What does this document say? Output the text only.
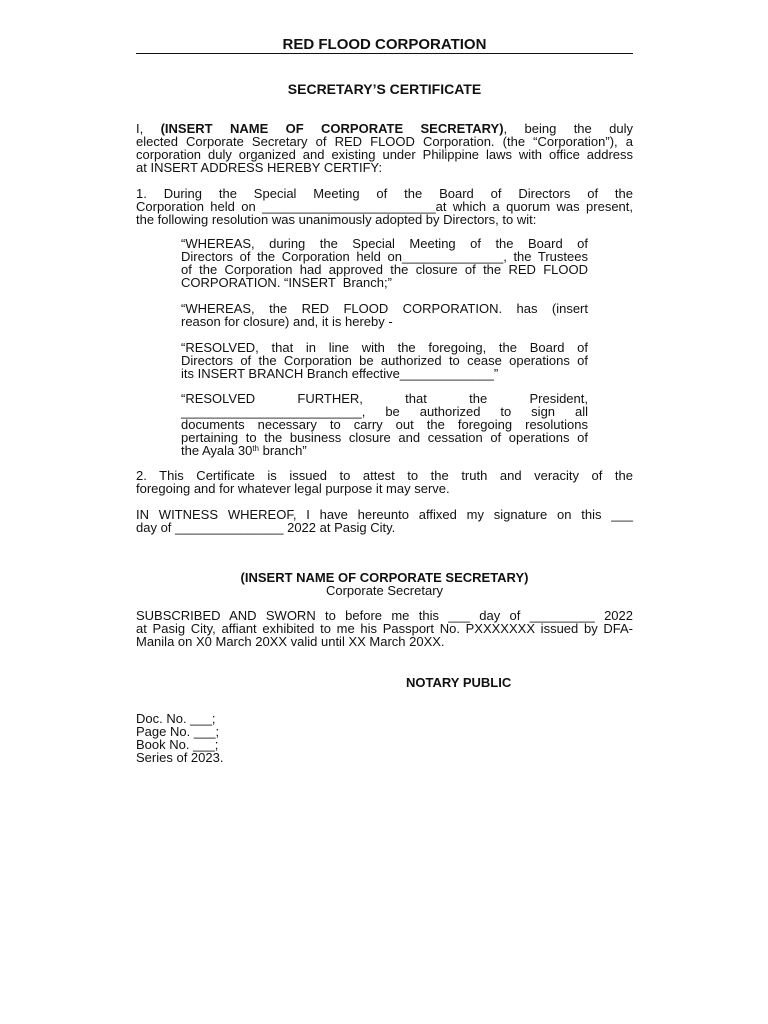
RED FLOOD CORPORATION
SECRETARY’S CERTIFICATE
I, (INSERT NAME OF CORPORATE SECRETARY), being the duly
elected Corporate Secretary of RED FLOOD Corporation. (the “Corporation”), a
corporation duly organized and existing under Philippine laws with office address
at INSERT ADDRESS HEREBY CERTIFY:
1. During the Special Meeting of the Board of Directors of the
Corporation held on ________________________at which a quorum was present,
the following resolution was unanimously adopted by Directors, to wit:
“WHEREAS, during the Special Meeting of the Board of
Directors of the Corporation held on______________, the Trustees
of the Corporation had approved the closure of the RED FLOOD
CORPORATION. “INSERT  Branch;”
“WHEREAS, the RED FLOOD CORPORATION. has (insert
reason for closure) and, it is hereby -
“RESOLVED, that in line with the foregoing, the Board of
Directors of the Corporation be authorized to cease operations of
its INSERT BRANCH Branch effective_____________”
“RESOLVED FURTHER, that the President,
_________________________, be authorized to sign all
documents necessary to carry out the foregoing resolutions
pertaining to the business closure and cessation of operations of
the Ayala 30th branch”
2. This Certificate is issued to attest to the truth and veracity of the
foregoing and for whatever legal purpose it may serve.
IN WITNESS WHEREOF, I have hereunto affixed my signature on this ___
day of _______________ 2022 at Pasig City.
(INSERT NAME OF CORPORATE SECRETARY)
Corporate Secretary
SUBSCRIBED AND SWORN to before me this ___ day of _________ 2022
at Pasig City, affiant exhibited to me his Passport No. PXXXXXXX issued by DFA-
Manila on X0 March 20XX valid until XX March 20XX.
NOTARY PUBLIC
Doc. No. ___;
Page No. ___;
Book No. ___;
Series of 2023.
